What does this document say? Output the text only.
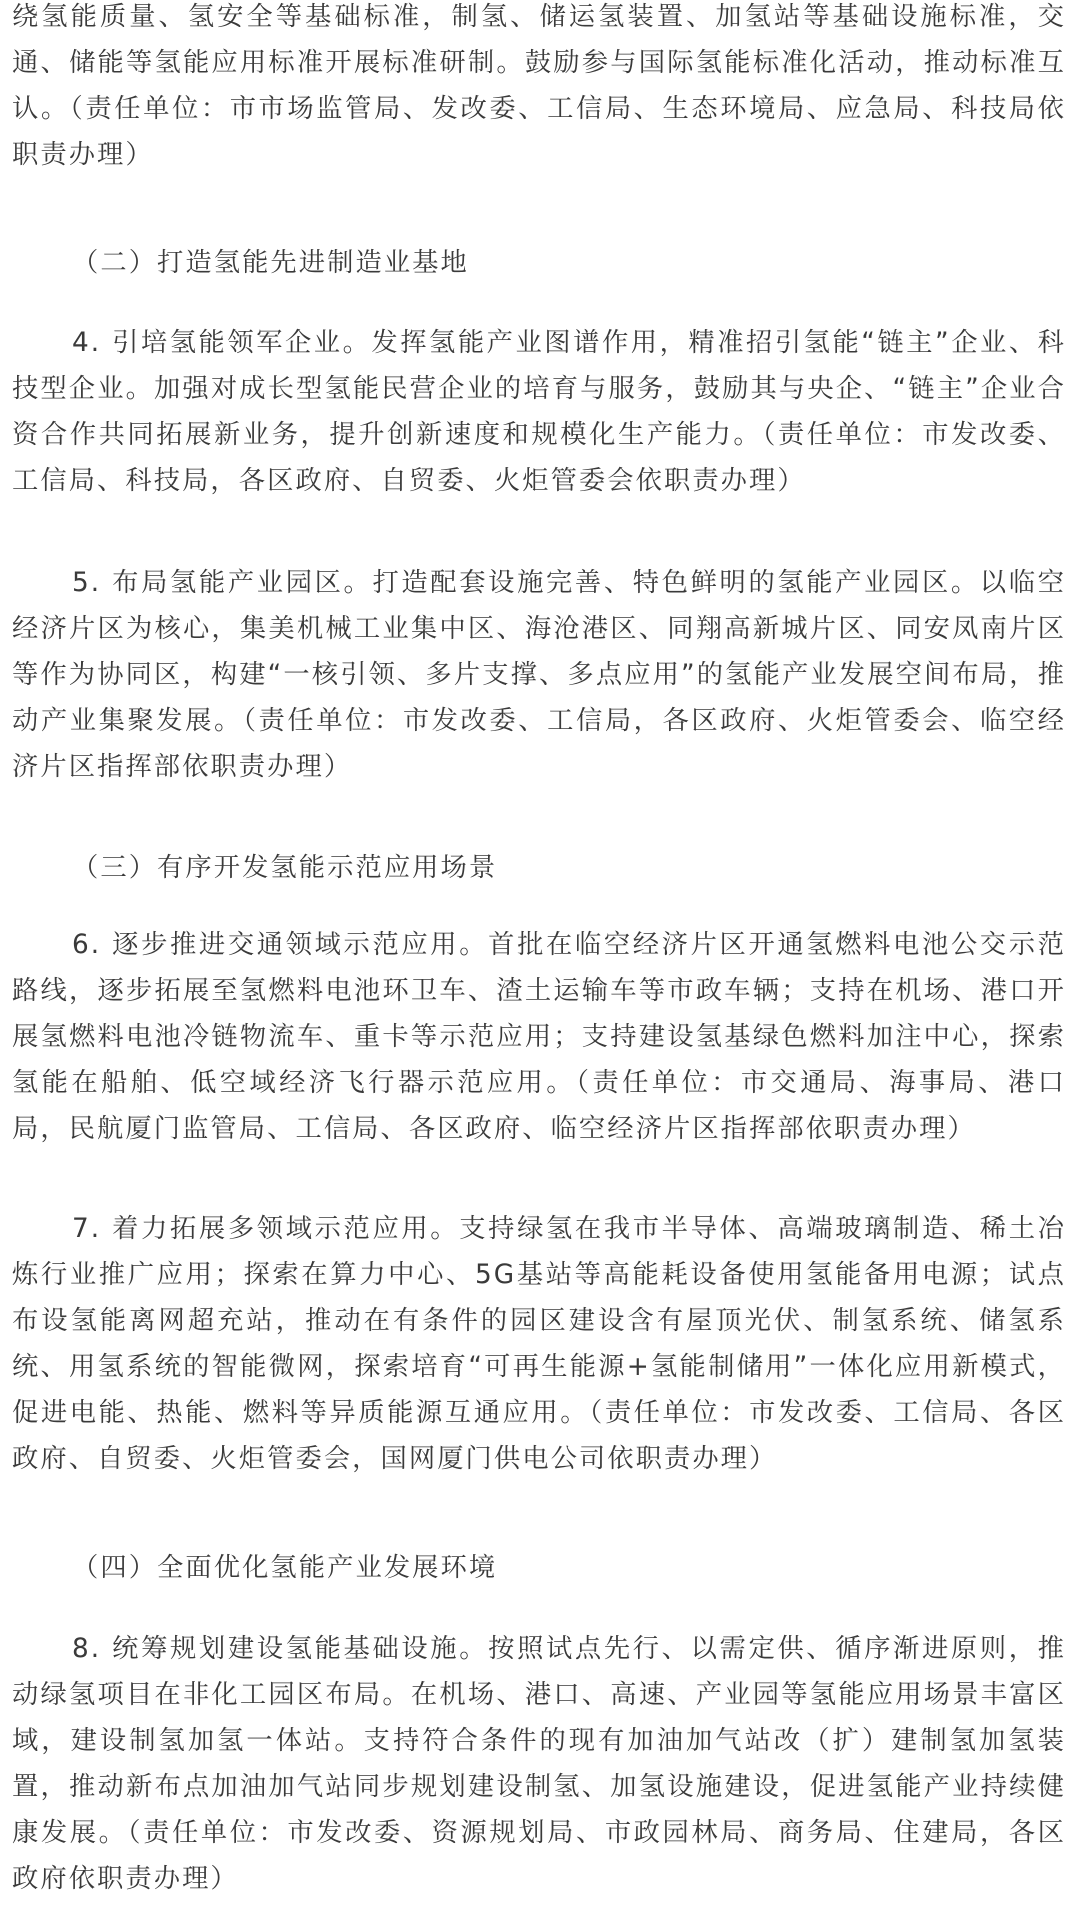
绕氢能质量、氢安全等基础标准，制氢、储运氢装置、加氢站等基础设施标准，交通、储能等氢能应用标准开展标准研制。鼓励参与国际氢能标准化活动，推动标准互认。（责任单位：市市场监管局、发改委、工信局、生态环境局、应急局、科技局依职责办理）

（二）打造氢能先进制造业基地

4. 引培氢能领军企业。发挥氢能产业图谱作用，精准招引氢能“链主”企业、科技型企业。加强对成长型氢能民营企业的培育与服务，鼓励其与央企、“链主”企业合资合作共同拓展新业务，提升创新速度和规模化生产能力。（责任单位：市发改委、工信局、科技局，各区政府、自贸委、火炬管委会依职责办理）

5. 布局氢能产业园区。打造配套设施完善、特色鲜明的氢能产业园区。以临空经济片区为核心，集美机械工业集中区、海沧港区、同翔高新城片区、同安凤南片区等作为协同区，构建“一核引领、多片支撑、多点应用”的氢能产业发展空间布局，推动产业集聚发展。（责任单位：市发改委、工信局，各区政府、火炬管委会、临空经济片区指挥部依职责办理）

（三）有序开发氢能示范应用场景

6. 逐步推进交通领域示范应用。首批在临空经济片区开通氢燃料电池公交示范路线，逐步拓展至氢燃料电池环卫车、渣土运输车等市政车辆；支持在机场、港口开展氢燃料电池冷链物流车、重卡等示范应用；支持建设氢基绿色燃料加注中心，探索氢能在船舶、低空域经济飞行器示范应用。（责任单位：市交通局、海事局、港口局，民航厦门监管局、工信局、各区政府、临空经济片区指挥部依职责办理）

7. 着力拓展多领域示范应用。支持绿氢在我市半导体、高端玻璃制造、稀土冶炼行业推广应用；探索在算力中心、5G基站等高能耗设备使用氢能备用电源；试点布设氢能离网超充站，推动在有条件的园区建设含有屋顶光伏、制氢系统、储氢系统、用氢系统的智能微网，探索培育“可再生能源+氢能制储用”一体化应用新模式，促进电能、热能、燃料等异质能源互通应用。（责任单位：市发改委、工信局、各区政府、自贸委、火炬管委会，国网厦门供电公司依职责办理）

（四）全面优化氢能产业发展环境

8. 统筹规划建设氢能基础设施。按照试点先行、以需定供、循序渐进原则，推动绿氢项目在非化工园区布局。在机场、港口、高速、产业园等氢能应用场景丰富区域，建设制氢加氢一体站。支持符合条件的现有加油加气站改（扩）建制氢加氢装置，推动新布点加油加气站同步规划建设制氢、加氢设施建设，促进氢能产业持续健康发展。（责任单位：市发改委、资源规划局、市政园林局、商务局、住建局，各区政府依职责办理）
